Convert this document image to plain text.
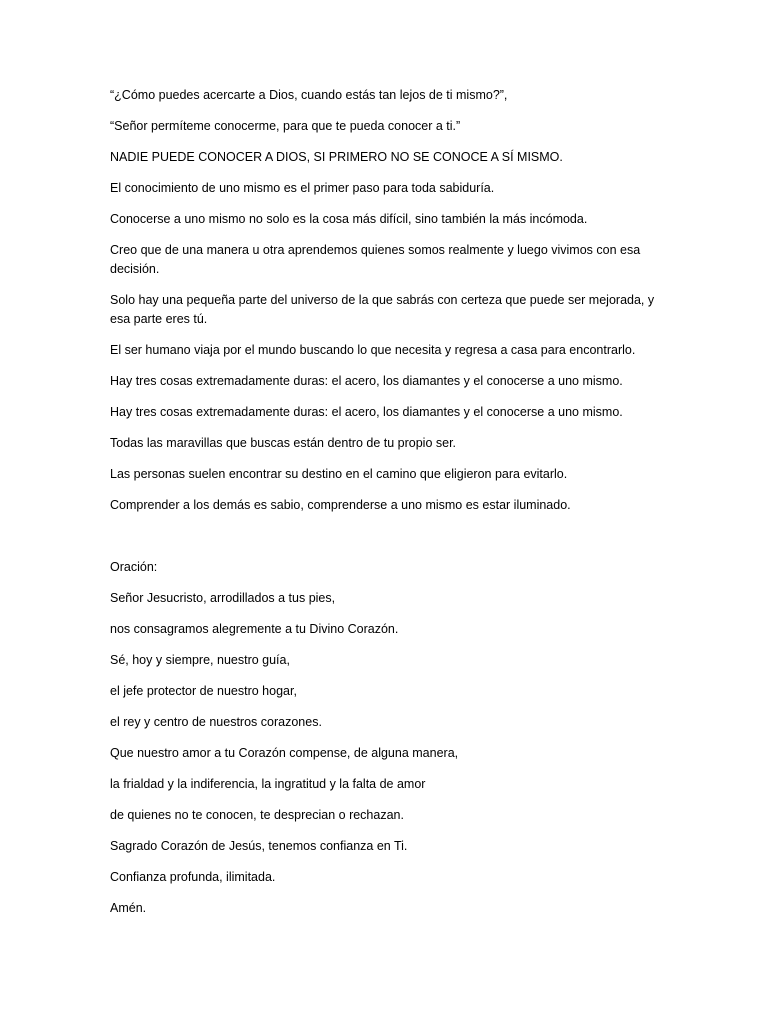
“¿Cómo puedes acercarte a Dios, cuando estás tan lejos de ti mismo?”,

“Señor permíteme conocerme, para que te pueda conocer a ti.”

NADIE PUEDE CONOCER A DIOS, SI PRIMERO NO SE CONOCE A SÍ MISMO.

El conocimiento de uno mismo es el primer paso para toda sabiduría.

Conocerse a uno mismo no solo es la cosa más difícil, sino también la más incómoda.

Creo que de una manera u otra aprendemos quienes somos realmente y luego vivimos con esa decisión.

Solo hay una pequeña parte del universo de la que sabrás con certeza que puede ser mejorada, y esa parte eres tú.

El ser humano viaja por el mundo buscando lo que necesita y regresa a casa para encontrarlo.

Hay tres cosas extremadamente duras: el acero, los diamantes y el conocerse a uno mismo.

Hay tres cosas extremadamente duras: el acero, los diamantes y el conocerse a uno mismo.

Todas las maravillas que buscas están dentro de tu propio ser.

Las personas suelen encontrar su destino en el camino que eligieron para evitarlo.

Comprender a los demás es sabio, comprenderse a uno mismo es estar iluminado.

Oración:

Señor Jesucristo, arrodillados a tus pies,

nos consagramos alegremente a tu Divino Corazón.

Sé, hoy y siempre, nuestro guía,

el jefe protector de nuestro hogar,

el rey y centro de nuestros corazones.

Que nuestro amor a tu Corazón compense, de alguna manera,

la frialdad y la indiferencia, la ingratitud y la falta de amor

de quienes no te conocen, te desprecian o rechazan.

Sagrado Corazón de Jesús, tenemos confianza en Ti.

Confianza profunda, ilimitada.

Amén.
